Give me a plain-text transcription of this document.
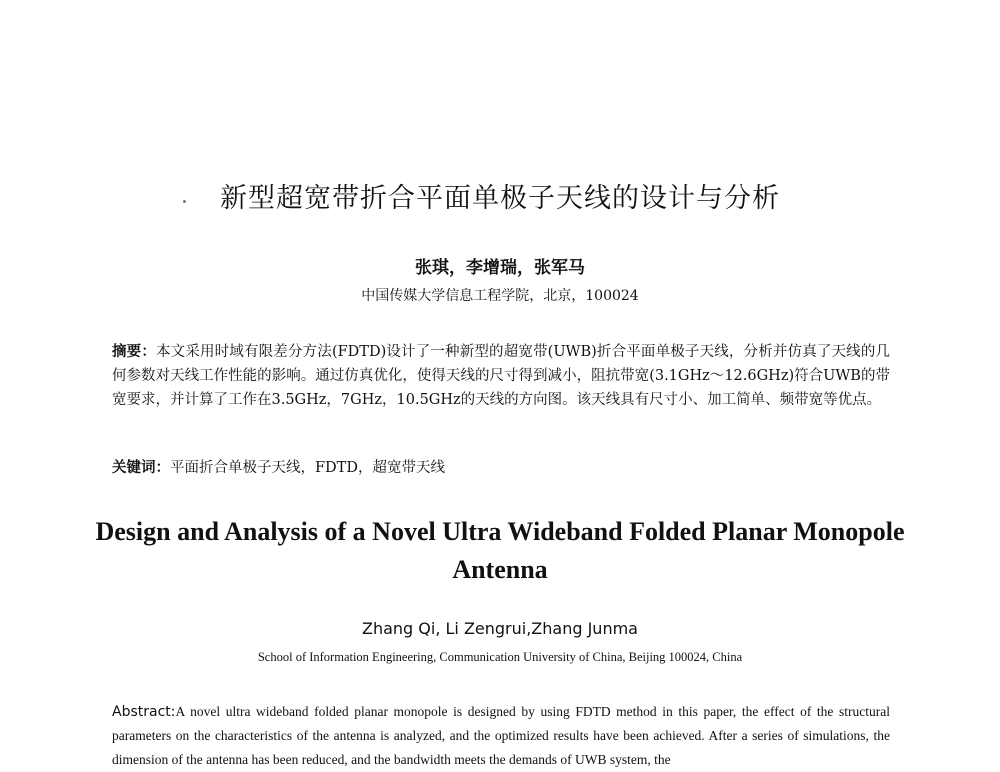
新型超宽带折合平面单极子天线的设计与分析
张琪，李增瑞，张军马
中国传媒大学信息工程学院，北京，100024
摘要：本文采用时域有限差分方法(FDTD)设计了一种新型的超宽带(UWB)折合平面单极子天线，分析并仿真了天线的几何参数对天线工作性能的影响。通过仿真优化，使得天线的尺寸得到减小，阻抗带宽(3.1GHz～12.6GHz)符合UWB的带宽要求，并计算了工作在3.5GHz，7GHz，10.5GHz的天线的方向图。该天线具有尺寸小、加工简单、频带宽等优点。
关键词：平面折合单极子天线，FDTD，超宽带天线
Design and Analysis of a Novel Ultra Wideband Folded Planar Monopole Antenna
Zhang Qi, Li Zengrui,Zhang Junma
School of Information Engineering, Communication University of China, Beijing 100024, China
Abstract:A novel ultra wideband folded planar monopole is designed by using FDTD method in this paper, the effect of the structural parameters on the characteristics of the antenna is analyzed, and the optimized results have been achieved. After a series of simulations, the dimension of the antenna has been reduced, and the bandwidth meets the demands of UWB system, the
